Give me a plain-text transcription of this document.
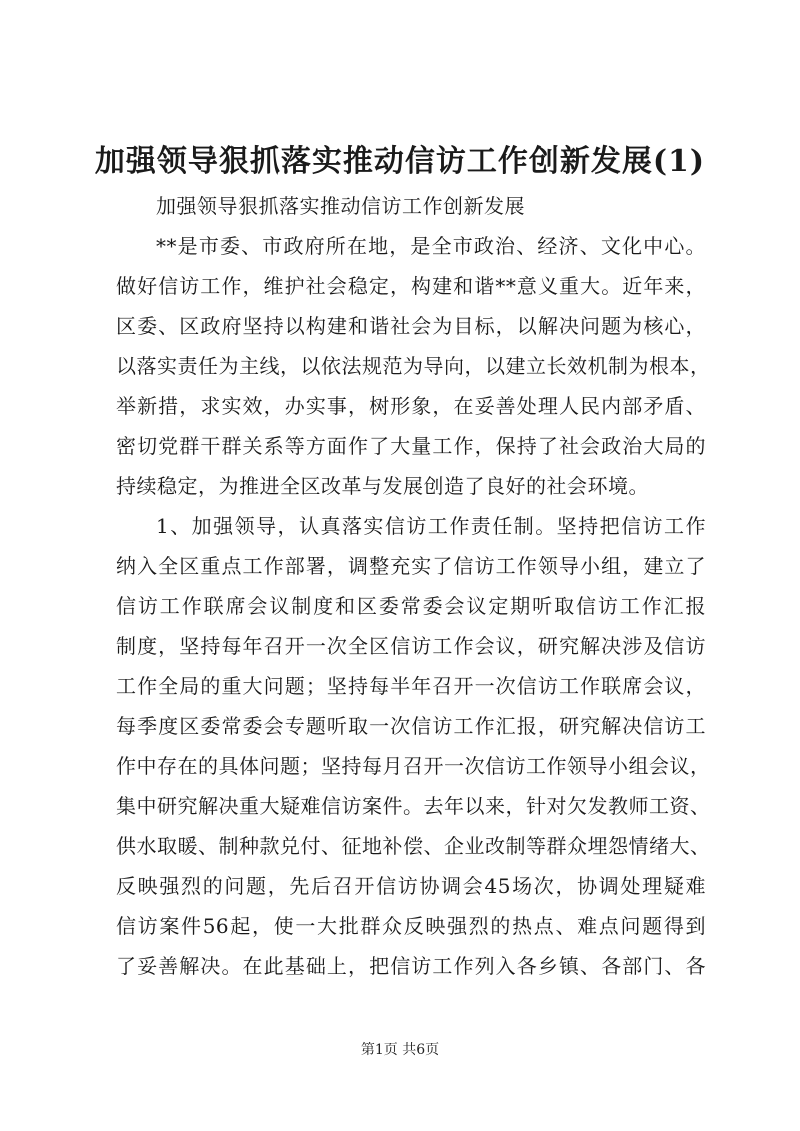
加强领导狠抓落实推动信访工作创新发展(1)
加强领导狠抓落实推动信访工作创新发展
**是市委、市政府所在地，是全市政治、经济、文化中心。
做好信访工作，维护社会稳定，构建和谐**意义重大。近年来，
区委、区政府坚持以构建和谐社会为目标，以解决问题为核心，
以落实责任为主线，以依法规范为导向，以建立长效机制为根本，
举新措，求实效，办实事，树形象，在妥善处理人民内部矛盾、
密切党群干群关系等方面作了大量工作，保持了社会政治大局的
持续稳定，为推进全区改革与发展创造了良好的社会环境。
1、加强领导，认真落实信访工作责任制。坚持把信访工作
纳入全区重点工作部署，调整充实了信访工作领导小组，建立了
信访工作联席会议制度和区委常委会议定期听取信访工作汇报
制度，坚持每年召开一次全区信访工作会议，研究解决涉及信访
工作全局的重大问题；坚持每半年召开一次信访工作联席会议，
每季度区委常委会专题听取一次信访工作汇报，研究解决信访工
作中存在的具体问题；坚持每月召开一次信访工作领导小组会议，
集中研究解决重大疑难信访案件。去年以来，针对欠发教师工资、
供水取暖、制种款兑付、征地补偿、企业改制等群众埋怨情绪大、
反映强烈的问题，先后召开信访协调会45场次，协调处理疑难
信访案件56起，使一大批群众反映强烈的热点、难点问题得到
了妥善解决。在此基础上，把信访工作列入各乡镇、各部门、各
第1页 共6页
